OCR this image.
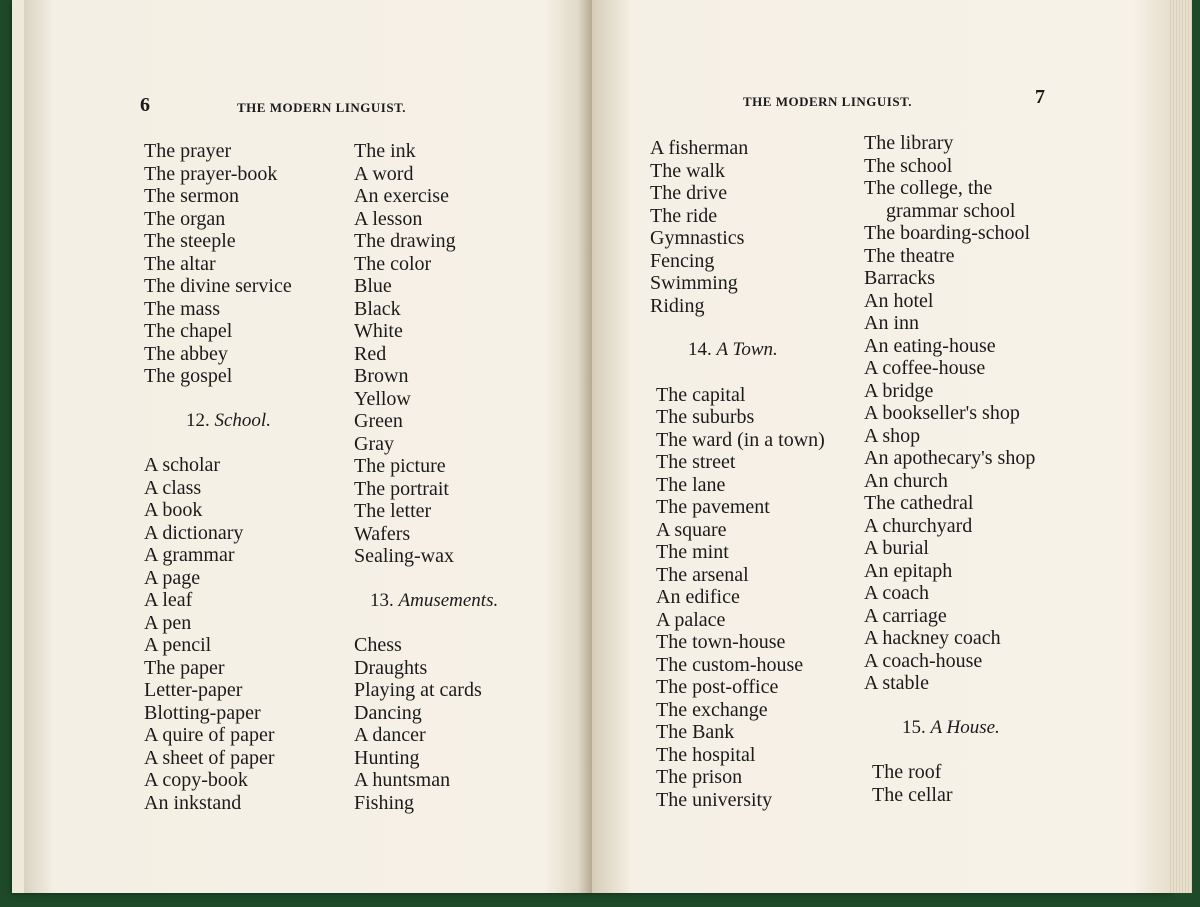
6	THE MODERN LINGUIST.
The prayer
The prayer-book
The sermon
The organ
The steeple
The altar
The divine service
The mass
The chapel
The abbey
The gospel
12. School.
A scholar
A class
A book
A dictionary
A grammar
A page
A leaf
A pen
A pencil
The paper
Letter-paper
Blotting-paper
A quire of paper
A sheet of paper
A copy-book
An inkstand
The ink
A word
An exercise
A lesson
The drawing
The color
Blue
Black
White
Red
Brown
Yellow
Green
Gray
The picture
The portrait
The letter
Wafers
Sealing-wax
13. Amusements.
Chess
Draughts
Playing at cards
Dancing
A dancer
Hunting
A huntsman
Fishing
THE MODERN LINGUIST.	7
A fisherman
The walk
The drive
The ride
Gymnastics
Fencing
Swimming
Riding
14. A Town.
The capital
The suburbs
The ward (in a town)
The street
The lane
The pavement
A square
The mint
The arsenal
An edifice
A palace
The town-house
The custom-house
The post-office
The exchange
The Bank
The hospital
The prison
The university
The library
The school
The college, the
grammar school
The boarding-school
The theatre
Barracks
An hotel
An inn
An eating-house
A coffee-house
A bridge
A bookseller's shop
A shop
An apothecary's shop
An church
The cathedral
A churchyard
A burial
An epitaph
A coach
A carriage
A hackney coach
A coach-house
A stable
15. A House.
The roof
The cellar
